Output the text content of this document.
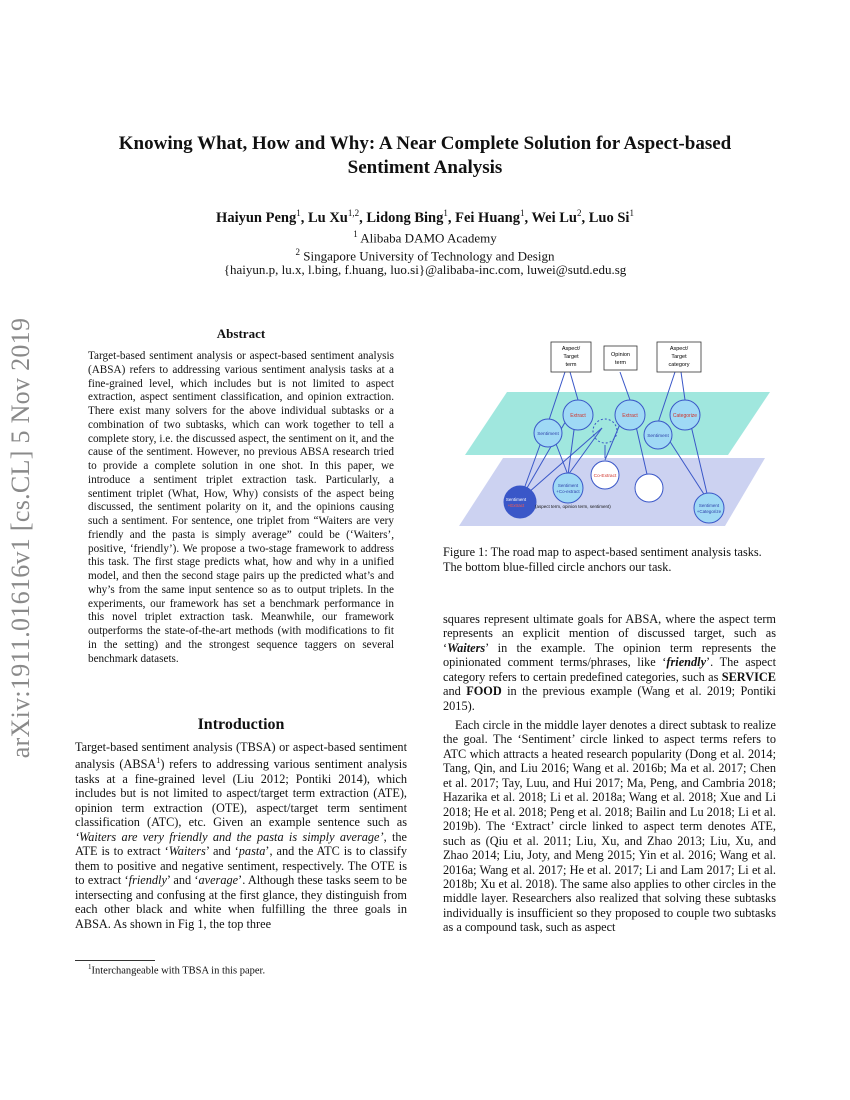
arXiv:1911.01616v1 [cs.CL] 5 Nov 2019
Knowing What, How and Why: A Near Complete Solution for Aspect-based Sentiment Analysis
Haiyun Peng$^1$, Lu Xu$^{1,2}$, Lidong Bing$^1$, Fei Huang$^1$, Wei Lu$^2$, Luo Si$^1$
$^1$ Alibaba DAMO Academy
$^2$ Singapore University of Technology and Design
{haiyun.p, lu.x, l.bing, f.huang, luo.si}@alibaba-inc.com, luwei@sutd.edu.sg
Abstract
Target-based sentiment analysis or aspect-based sentiment analysis (ABSA) refers to addressing various sentiment analysis tasks at a fine-grained level, which includes but is not limited to aspect extraction, aspect sentiment classification, and opinion extraction. There exist many solvers for the above individual subtasks or a combination of two subtasks, which can work together to tell a complete story, i.e. the discussed aspect, the sentiment on it, and the cause of the sentiment. However, no previous ABSA research tried to provide a complete solution in one shot. In this paper, we introduce a sentiment triplet extraction task. Particularly, a sentiment triplet (What, How, Why) consists of the aspect being discussed, the sentiment polarity on it, and the opinions causing such a sentiment. For sentence, one triplet from “Waiters are very friendly and the pasta is simply average” could be (‘Waiters’, positive, ‘friendly’). We propose a two-stage framework to address this task. The first stage predicts what, how and why in a unified model, and then the second stage pairs up the predicted what’s and why’s from the same input sentence so as to output triplets. In the experiments, our framework has set a benchmark performance in this novel triplet extraction task. Meanwhile, our framework outperforms the state-of-the-art methods (with modifications to fit in the setting) and the strongest sequence taggers on several benchmark datasets.
Introduction

Target-based sentiment analysis (TBSA) or aspect-based sentiment analysis (ABSA$^1$) refers to addressing various sentiment analysis tasks at a fine-grained level (Liu 2012; Pontiki 2014), which includes but is not limited to aspect/target term extraction (ATE), opinion term extraction (OTE), aspect/target term sentiment classification (ATC), etc. Given an example sentence such as ‘Waiters are very friendly and the pasta is simply average’, the ATE is to extract ‘Waiters’ and ‘pasta’, and the ATC is to classify them to positive and negative sentiment, respectively. The OTE is to extract ‘friendly’ and ‘average’. Although these tasks seem to be intersecting and confusing at the first glance, they distinguish from each other black and white when fulfilling the three goals in ABSA. As shown in Fig 1, the top three

$^1$Interchangeable with TBSA in this paper.
Aspect/
Target
term
Opinion
term
Aspect/
Target
category
Extract	Extract	Categorize
Sentiment	Sentiment
Co-Extract
Sentiment
+Co-extract
Sentiment
+Extract	Sentiment
+Categorize
(aspect term, opinion term, sentiment)
Figure 1: The road map to aspect-based sentiment analysis tasks. The bottom blue-filled circle anchors our task.

squares represent ultimate goals for ABSA, where the aspect term represents an explicit mention of discussed target, such as ‘Waiters’ in the example. The opinion term represents the opinionated comment terms/phrases, like ‘friendly’. The aspect category refers to certain predefined categories, such as SERVICE and FOOD in the previous example (Wang et al. 2019; Pontiki 2015).

Each circle in the middle layer denotes a direct subtask to realize the goal. The ‘Sentiment’ circle linked to aspect terms refers to ATC which attracts a heated research popularity (Dong et al. 2014; Tang, Qin, and Liu 2016; Wang et al. 2016b; Ma et al. 2017; Chen et al. 2017; Tay, Luu, and Hui 2017; Ma, Peng, and Cambria 2018; Hazarika et al. 2018; Li et al. 2018a; Wang et al. 2018; Xue and Li 2018; He et al. 2018; Peng et al. 2018; Bailin and Lu 2018; Li et al. 2019b). The ‘Extract’ circle linked to aspect term denotes ATE, such as (Qiu et al. 2011; Liu, Xu, and Zhao 2013; Liu, Xu, and Zhao 2014; Liu, Joty, and Meng 2015; Yin et al. 2016; Wang et al. 2016a; Wang et al. 2017; He et al. 2017; Li and Lam 2017; Li et al. 2018b; Xu et al. 2018). The same also applies to other circles in the middle layer. Researchers also realized that solving these subtasks individually is insufficient so they proposed to couple two subtasks as a compound task, such as aspect
